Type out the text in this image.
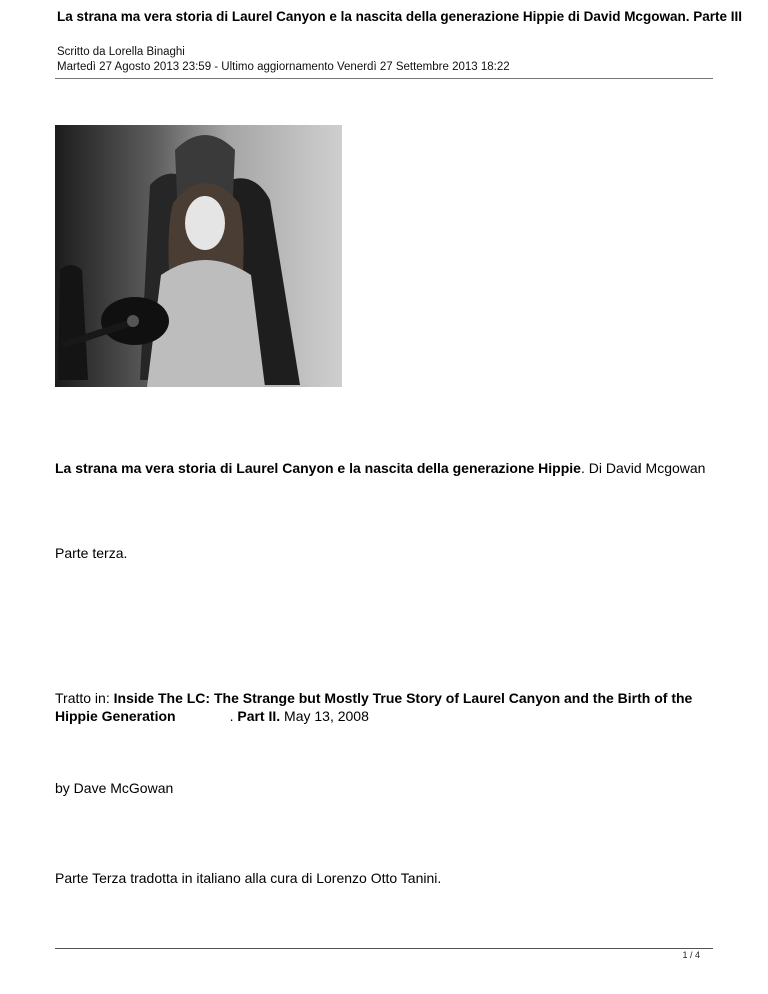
La strana ma vera storia di Laurel Canyon e la nascita della generazione Hippie di David Mcgowan. Parte III
Scritto da Lorella Binaghi
Martedì 27 Agosto 2013 23:59 - Ultimo aggiornamento Venerdì 27 Settembre 2013 18:22

La strana ma vera storia di Laurel Canyon e la nascita della generazione Hippie. Di David Mcgowan

Parte terza.

Tratto in: Inside The LC: The Strange but Mostly True Story of Laurel Canyon and the Birth of the Hippie Generation	. Part II. May 13, 2008

by Dave McGowan

Parte Terza tradotta in italiano alla cura di Lorenzo Otto Tanini.

1 / 4
